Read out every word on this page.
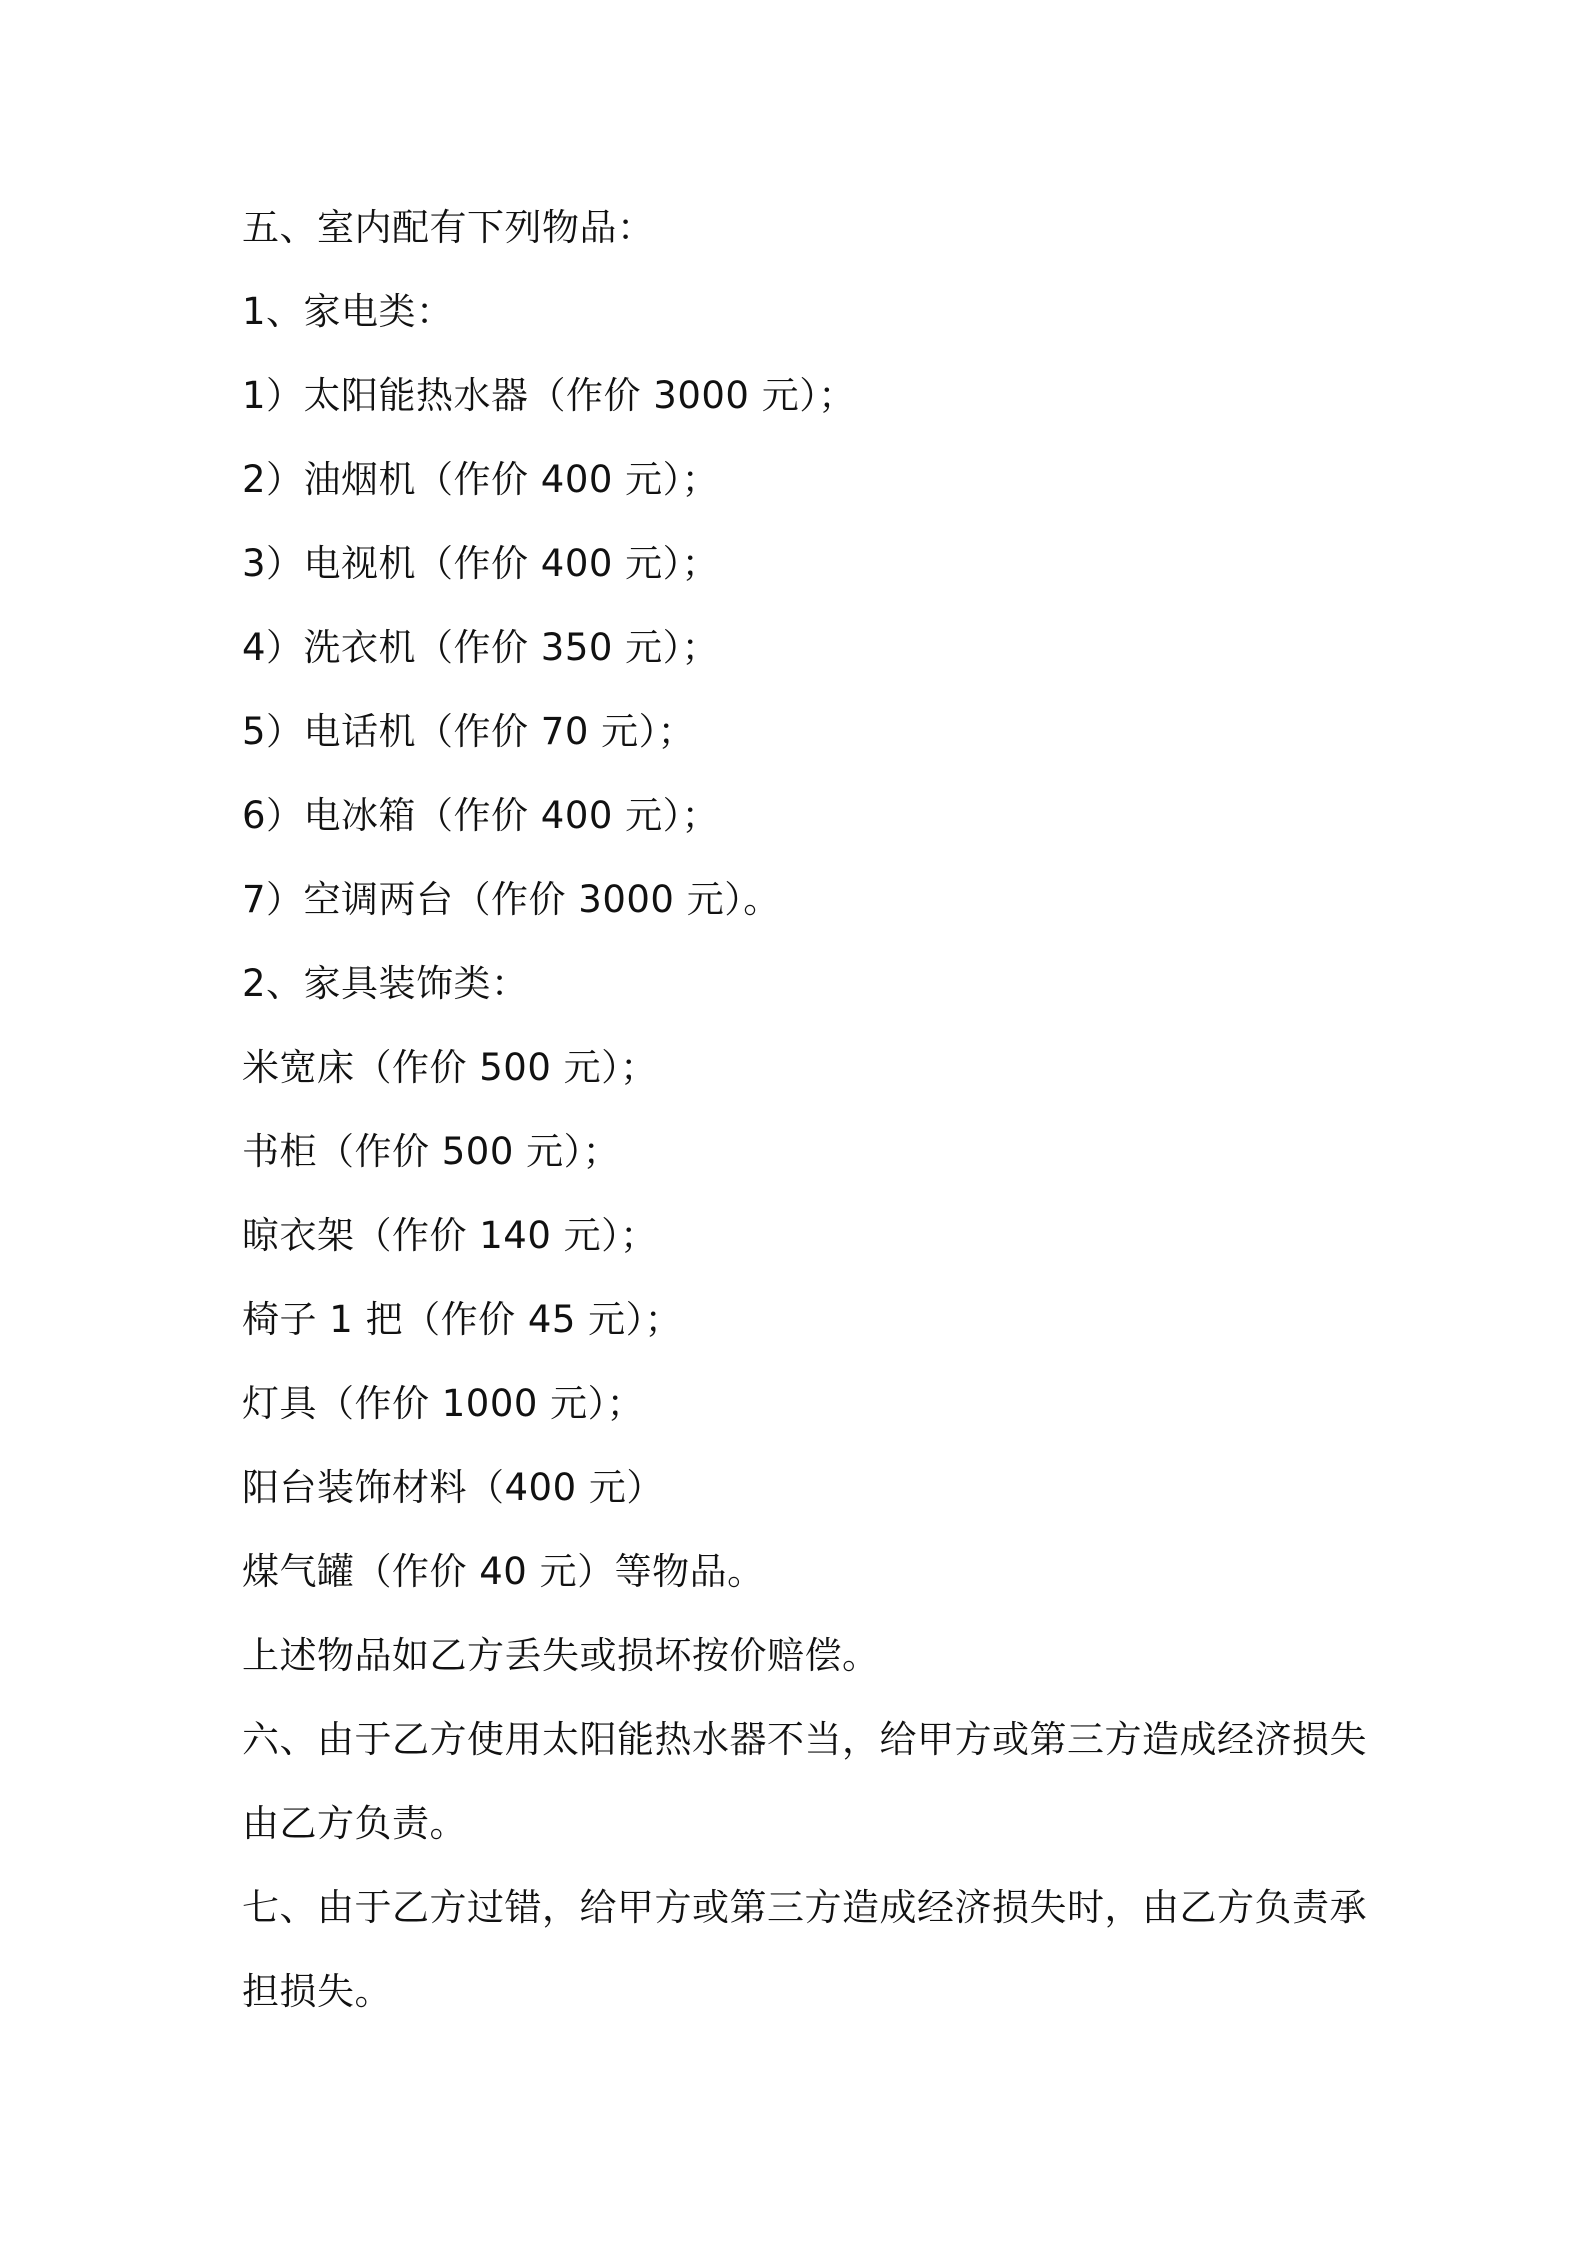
五、室内配有下列物品：
1、家电类：
1）太阳能热水器（作价 3000 元）；
2）油烟机（作价 400 元）；
3）电视机（作价 400 元）；
4）洗衣机（作价 350 元）；
5）电话机（作价 70 元）；
6）电冰箱（作价 400 元）；
7）空调两台（作价 3000 元）。
2、家具装饰类：
米宽床（作价 500 元）；
书柜（作价 500 元）；
晾衣架（作价 140 元）；
椅子 1 把（作价 45 元）；
灯具（作价 1000 元）；
阳台装饰材料（400 元）
煤气罐（作价 40 元）等物品。
上述物品如乙方丢失或损坏按价赔偿。
六、由于乙方使用太阳能热水器不当，给甲方或第三方造成经济损失
由乙方负责。
七、由于乙方过错，给甲方或第三方造成经济损失时，由乙方负责承
担损失。
